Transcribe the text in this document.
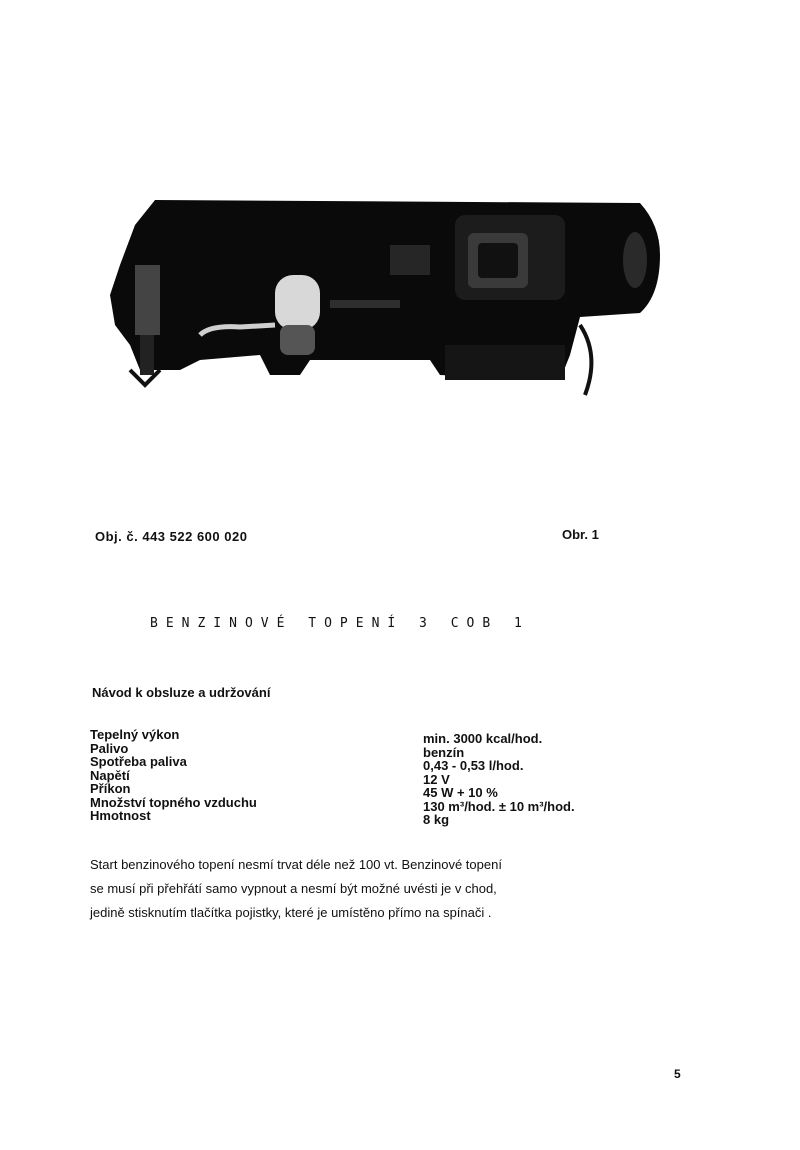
Obj. č. 443 522 600 020	Obr. 1
BENZINOVÉ TOPENÍ 3 COB 1
Návod k obsluze a udržování
Tepelný výkon
Palivo
Spotřeba paliva
Napětí
Příkon
Množství topného vzduchu
Hmotnost
min. 3000 kcal/hod.
benzín
0,43 - 0,53 l/hod.
12 V
45 W + 10 %
130 m³/hod. ± 10 m³/hod.
8 kg
Start benzinového topení nesmí trvat déle než 100 vt. Benzinové topení
se musí při přehřátí samo vypnout a nesmí být možné uvésti je v chod,
jedině stisknutím tlačítka pojistky, které je umístěno přímo na spínači .
5
